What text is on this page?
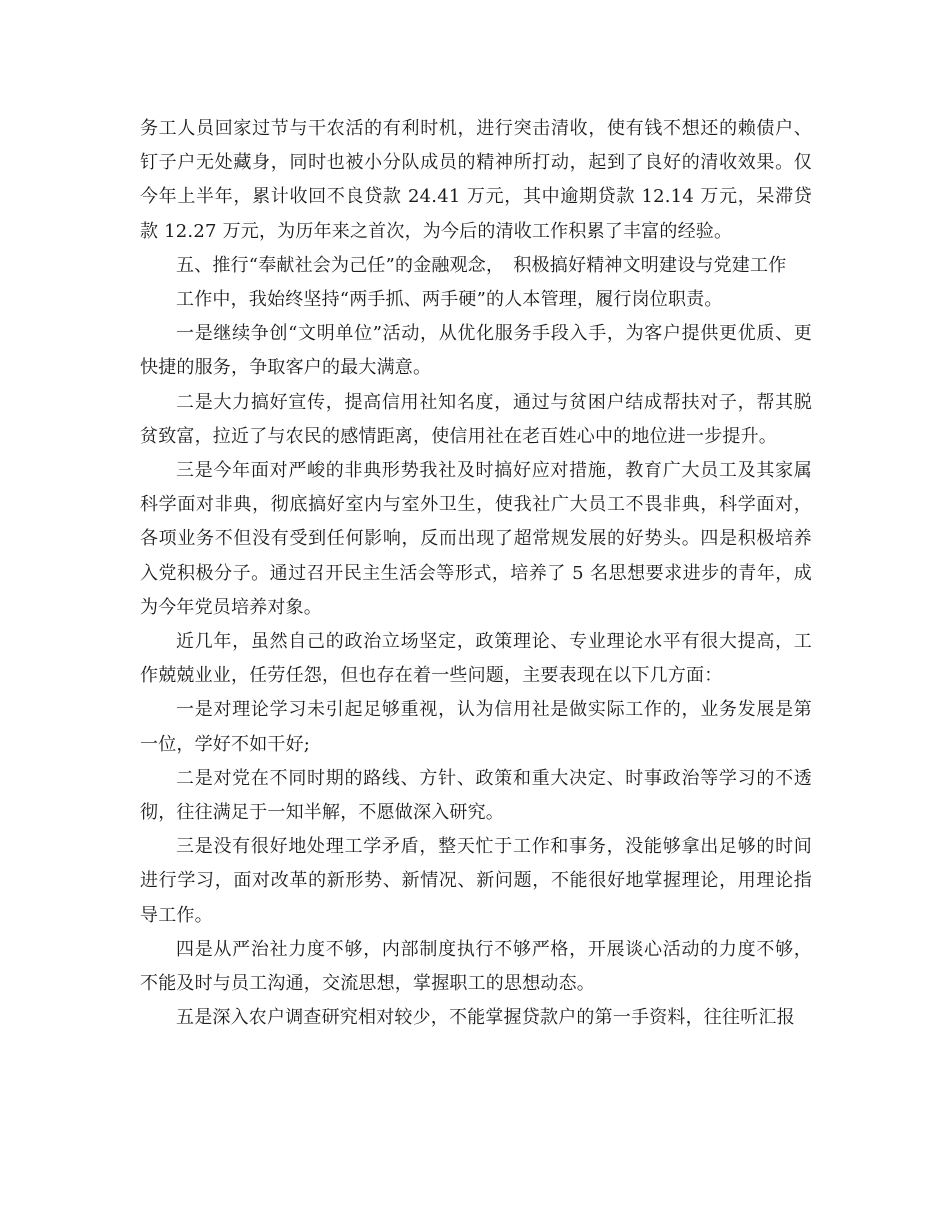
务工人员回家过节与干农活的有利时机，进行突击清收，使有钱不想还的赖债户、钉子户无处藏身，同时也被小分队成员的精神所打动，起到了良好的清收效果。仅今年上半年，累计收回不良贷款 24.41 万元，其中逾期贷款 12.14 万元，呆滞贷款 12.27 万元，为历年来之首次，为今后的清收工作积累了丰富的经验。

五、推行“奉献社会为己任”的金融观念，　积极搞好精神文明建设与党建工作

工作中，我始终坚持“两手抓、两手硬”的人本管理，履行岗位职责。

一是继续争创“文明单位”活动，从优化服务手段入手，为客户提供更优质、更快捷的服务，争取客户的最大满意。

二是大力搞好宣传，提高信用社知名度，通过与贫困户结成帮扶对子，帮其脱贫致富，拉近了与农民的感情距离，使信用社在老百姓心中的地位进一步提升。

三是今年面对严峻的非典形势我社及时搞好应对措施，教育广大员工及其家属科学面对非典，彻底搞好室内与室外卫生，使我社广大员工不畏非典，科学面对，各项业务不但没有受到任何影响，反而出现了超常规发展的好势头。四是积极培养入党积极分子。通过召开民主生活会等形式，培养了 5 名思想要求进步的青年，成为今年党员培养对象。

近几年，虽然自己的政治立场坚定，政策理论、专业理论水平有很大提高，工作兢兢业业，任劳任怨，但也存在着一些问题，主要表现在以下几方面：

一是对理论学习未引起足够重视，认为信用社是做实际工作的，业务发展是第一位，学好不如干好;

二是对党在不同时期的路线、方针、政策和重大决定、时事政治等学习的不透彻，往往满足于一知半解，不愿做深入研究。

三是没有很好地处理工学矛盾，整天忙于工作和事务，没能够拿出足够的时间进行学习，面对改革的新形势、新情况、新问题，不能很好地掌握理论，用理论指导工作。

四是从严治社力度不够，内部制度执行不够严格，开展谈心活动的力度不够，不能及时与员工沟通，交流思想，掌握职工的思想动态。

五是深入农户调查研究相对较少，不能掌握贷款户的第一手资料，往往听汇报
